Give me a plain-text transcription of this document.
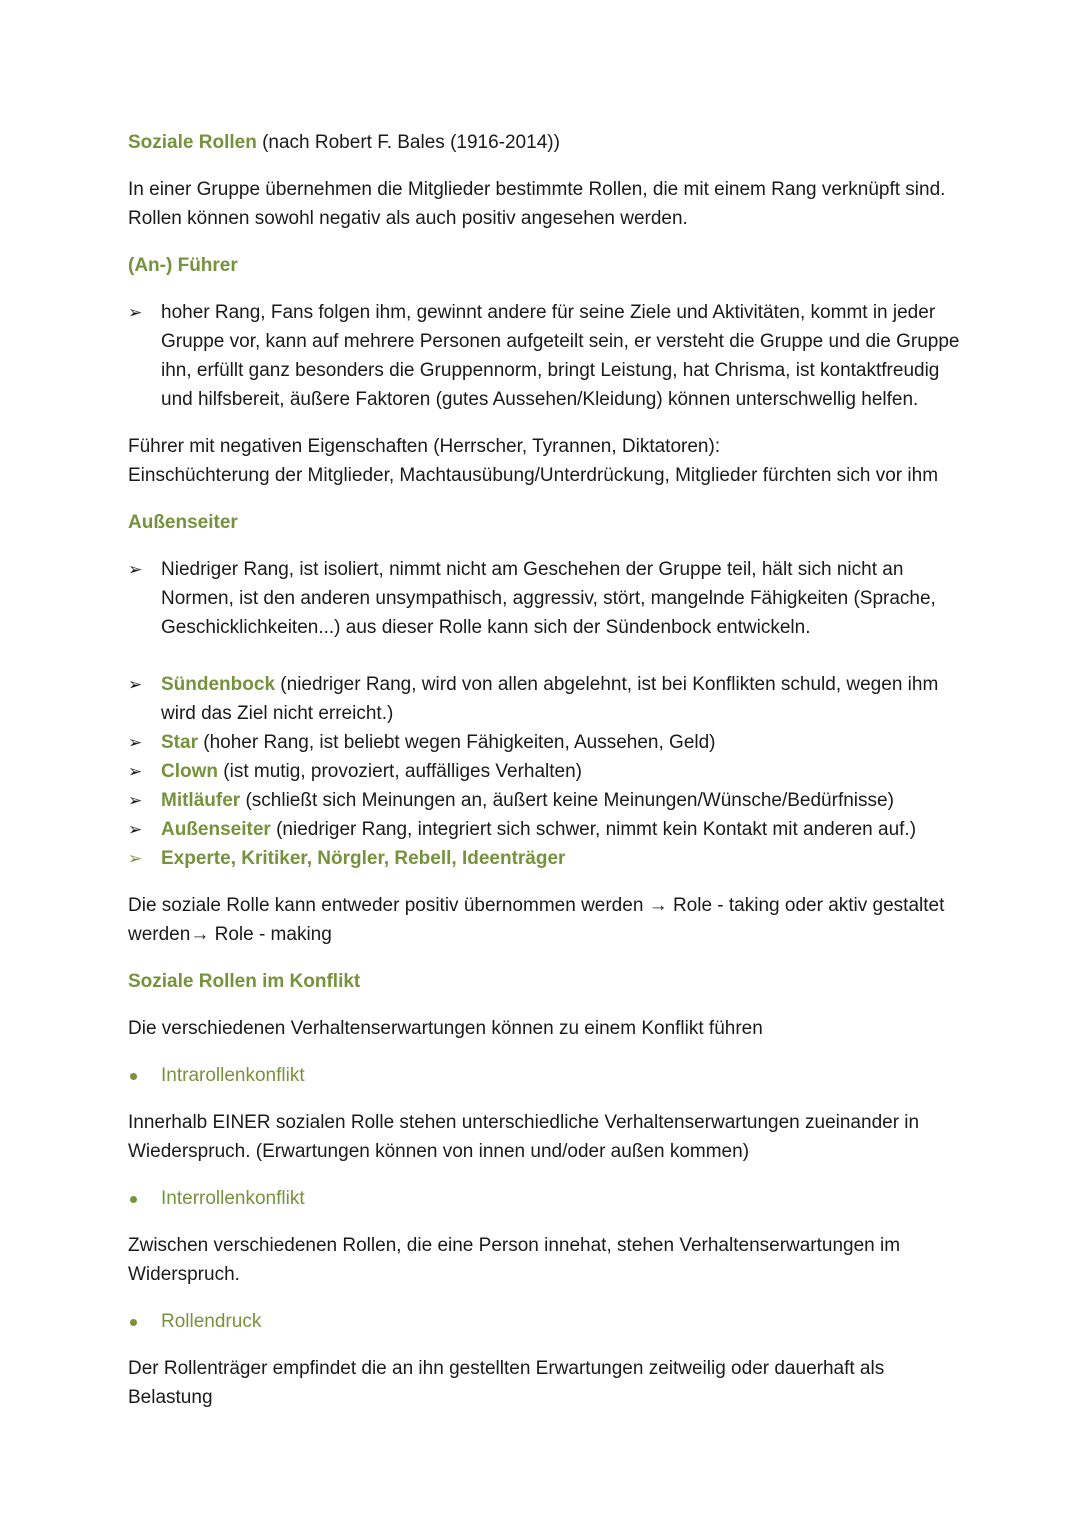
Soziale Rollen (nach Robert F. Bales (1916-2014))

In einer Gruppe übernehmen die Mitglieder bestimmte Rollen, die mit einem Rang verknüpft sind.

Rollen können sowohl negativ als auch positiv angesehen werden.

(An-) Führer

➢ hoher Rang, Fans folgen ihm, gewinnt andere für seine Ziele und Aktivitäten, kommt in jeder Gruppe vor, kann auf mehrere Personen aufgeteilt sein, er versteht die Gruppe und die Gruppe ihn, erfüllt ganz besonders die Gruppennorm, bringt Leistung, hat Chrisma, ist kontaktfreudig und hilfsbereit, äußere Faktoren (gutes Aussehen/Kleidung) können unterschwellig helfen.

Führer mit negativen Eigenschaften (Herrscher, Tyrannen, Diktatoren):

Einschüchterung der Mitglieder, Machtausübung/Unterdrückung, Mitglieder fürchten sich vor ihm

Außenseiter

➢ Niedriger Rang, ist isoliert, nimmt nicht am Geschehen der Gruppe teil, hält sich nicht an Normen, ist den anderen unsympathisch, aggressiv, stört, mangelnde Fähigkeiten (Sprache, Geschicklichkeiten...) aus dieser Rolle kann sich der Sündenbock entwickeln.
➢ Sündenbock (niedriger Rang, wird von allen abgelehnt, ist bei Konflikten schuld, wegen ihm wird das Ziel nicht erreicht.)
➢ Star (hoher Rang, ist beliebt wegen Fähigkeiten, Aussehen, Geld)
➢ Clown (ist mutig, provoziert, auffälliges Verhalten)
➢ Mitläufer (schließt sich Meinungen an, äußert keine Meinungen/Wünsche/Bedürfnisse)
➢ Außenseiter (niedriger Rang, integriert sich schwer, nimmt kein Kontakt mit anderen auf.)
➢ Experte, Kritiker, Nörgler, Rebell, Ideenträger

Die soziale Rolle kann entweder positiv übernommen werden → Role - taking oder aktiv gestaltet

werden→ Role - making

Soziale Rollen im Konflikt

Die verschiedenen Verhaltenserwartungen können zu einem Konflikt führen

Intrarollenkonflikt

Innerhalb EINER sozialen Rolle stehen unterschiedliche Verhaltenserwartungen zueinander in Wiederspruch. (Erwartungen können von innen und/oder außen kommen)

Interrollenkonflikt

Zwischen verschiedenen Rollen, die eine Person innehat, stehen Verhaltenserwartungen im Widerspruch.

Rollendruck

Der Rollenträger empfindet die an ihn gestellten Erwartungen zeitweilig oder dauerhaft als Belastung
